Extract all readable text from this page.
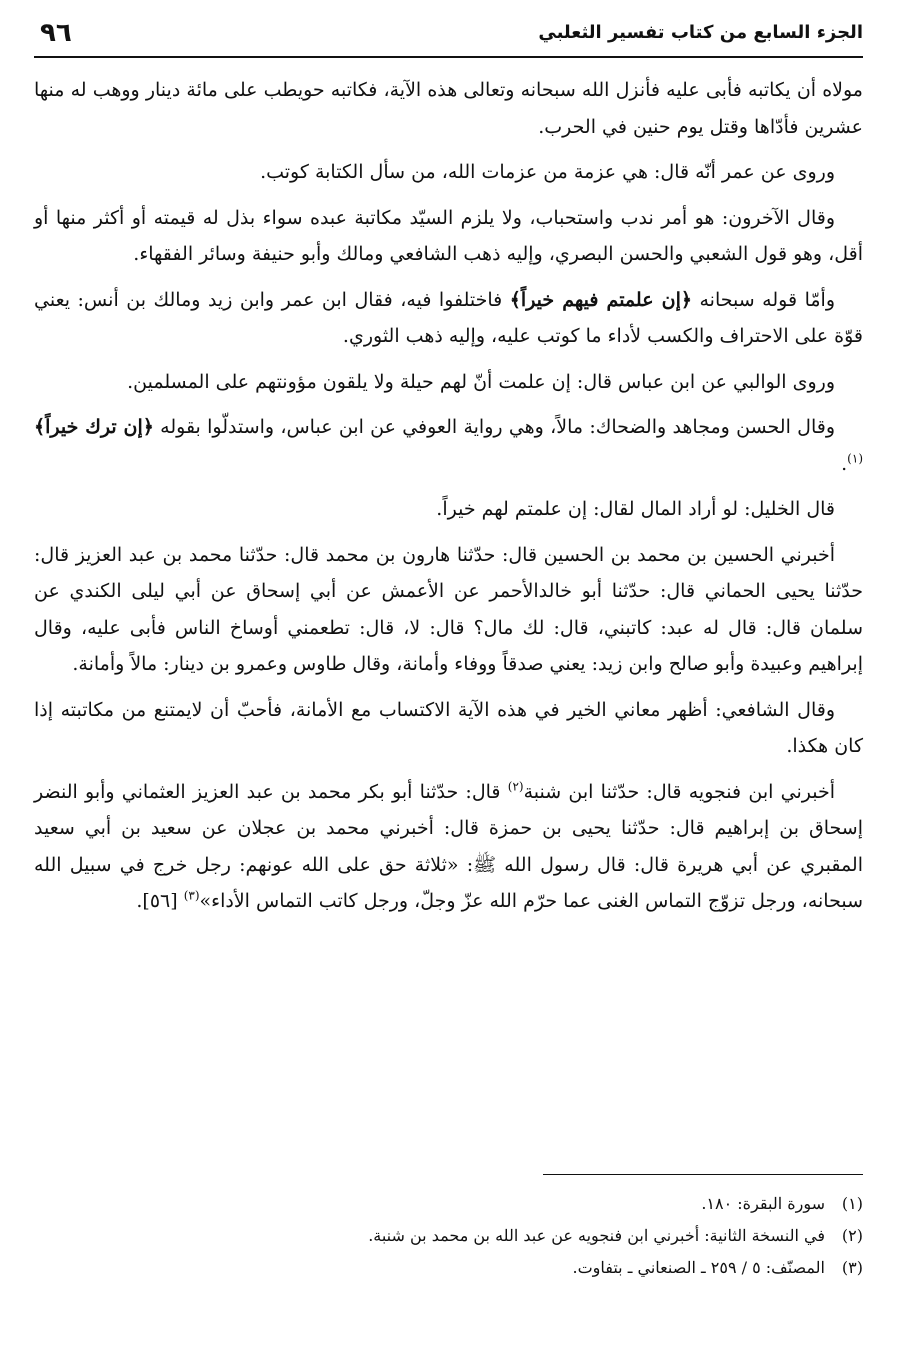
٩٦	الجزء السابع من كتاب تفسير الثعلبي

مولاه أن يكاتبه فأبى عليه فأنزل الله سبحانه وتعالى هذه الآية، فكاتبه حويطب على مائة دينار ووهب له منها عشرين فأدّاها وقتل يوم حنين في الحرب.

وروى عن عمر أنّه قال: هي عزمة من عزمات الله، من سأل الكتابة كوتب.

وقال الآخرون: هو أمر ندب واستحباب، ولا يلزم السيّد مكاتبة عبده سواء بذل له قيمته أو أكثر منها أو أقل، وهو قول الشعبي والحسن البصري، وإليه ذهب الشافعي ومالك وأبو حنيفة وسائر الفقهاء.

وأمّا قوله سبحانه ﴿إن علمتم فيهم خيراً﴾ فاختلفوا فيه، فقال ابن عمر وابن زيد ومالك بن أنس: يعني قوّة على الاحتراف والكسب لأداء ما كوتب عليه، وإليه ذهب الثوري.

وروى الوالبي عن ابن عباس قال: إن علمت أنّ لهم حيلة ولا يلقون مؤونتهم على المسلمين.

وقال الحسن ومجاهد والضحاك: مالاً، وهي رواية العوفي عن ابن عباس، واستدلّوا بقوله ﴿إن ترك خيراً﴾$^{(١)}$.

قال الخليل: لو أراد المال لقال: إن علمتم لهم خيراً.

أخبرني الحسين بن محمد بن الحسين قال: حدّثنا هارون بن محمد قال: حدّثنا محمد بن عبد العزيز قال: حدّثنا يحيى الحماني قال: حدّثنا أبو خالدالأحمر عن الأعمش عن أبي إسحاق عن أبي ليلى الكندي عن سلمان قال: قال له عبد: كاتبني، قال: لك مال؟ قال: لا، قال: تطعمني أوساخ الناس فأبى عليه، وقال إبراهيم وعبيدة وأبو صالح وابن زيد: يعني صدقاً ووفاء وأمانة، وقال طاوس وعمرو بن دينار: مالاً وأمانة.

وقال الشافعي: أظهر معاني الخير في هذه الآية الاكتساب مع الأمانة، فأحبّ أن لايمتنع من مكاتبته إذا كان هكذا.

أخبرني ابن فنجويه قال: حدّثنا ابن شنبة$^{(٢)}$ قال: حدّثنا أبو بكر محمد بن عبد العزيز العثماني وأبو النضر إسحاق بن إبراهيم قال: حدّثنا يحيى بن حمزة قال: أخبرني محمد بن عجلان عن سعيد بن أبي سعيد المقبري عن أبي هريرة قال: قال رسول الله ﷺ: «ثلاثة حق على الله عونهم: رجل خرج في سبيل الله سبحانه، ورجل تزوّج التماس الغنى عما حرّم الله عزّ وجلّ، ورجل كاتب التماس الأداء»$^{(٣)}$ [٥٦].

(١)سورة البقرة: ١٨٠.

(٢)في النسخة الثانية: أخبرني ابن فنجويه عن عبد الله بن محمد بن شنبة.

(٣)المصنّف: ٥ / ٢٥٩ ـ الصنعاني ـ بتفاوت.
